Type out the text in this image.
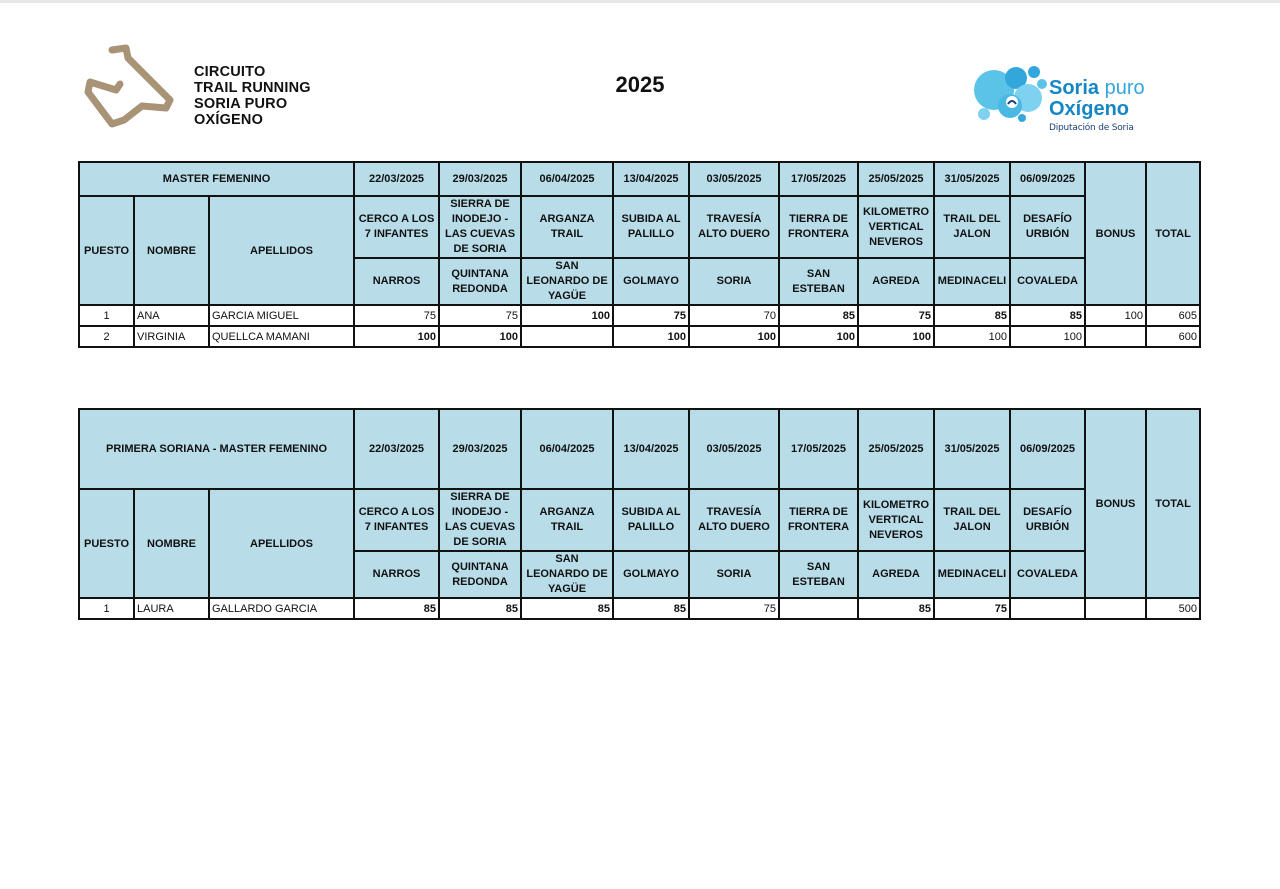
CIRCUITO
TRAIL RUNNING
SORIA PURO
OXÍGENO
2025	Soria puro
Oxígeno
Diputación de Soria
MASTER FEMENINO			22/03/2025	29/03/2025	06/04/2025	13/04/2025	03/05/2025	17/05/2025	25/05/2025	31/05/2025	06/09/2025	BONUS	TOTAL
PUESTO	NOMBRE	APELLIDOS	CERCO A LOS 7 INFANTES	SIERRA DE INODEJO - LAS CUEVAS DE SORIA	ARGANZA TRAIL	SUBIDA AL PALILLO	TRAVESÍA ALTO DUERO	TIERRA DE FRONTERA	KILOMETRO VERTICAL NEVEROS	TRAIL DEL JALON	DESAFÍO URBIÓN		
			NARROS	QUINTANA REDONDA	SAN LEONARDO DE YAGÜE	GOLMAYO	SORIA	SAN ESTEBAN	AGREDA	MEDINACELI	COVALEDA		
1	ANA	GARCIA MIGUEL	75	75	100	75	70	85	75	85	85	100	605
2	VIRGINIA	QUELLCA MAMANI	100	100		100	100	100	100	100	100		600
PRIMERA SORIANA - MASTER FEMENINO			22/03/2025	29/03/2025	06/04/2025	13/04/2025	03/05/2025	17/05/2025	25/05/2025	31/05/2025	06/09/2025	BONUS	TOTAL
PUESTO	NOMBRE	APELLIDOS	CERCO A LOS 7 INFANTES	SIERRA DE INODEJO - LAS CUEVAS DE SORIA	ARGANZA TRAIL	SUBIDA AL PALILLO	TRAVESÍA ALTO DUERO	TIERRA DE FRONTERA	KILOMETRO VERTICAL NEVEROS	TRAIL DEL JALON	DESAFÍO URBIÓN		
			NARROS	QUINTANA REDONDA	SAN LEONARDO DE YAGÜE	GOLMAYO	SORIA	SAN ESTEBAN	AGREDA	MEDINACELI	COVALEDA		
1	LAURA	GALLARDO GARCIA	85	85	85	85	75		85	75			500
